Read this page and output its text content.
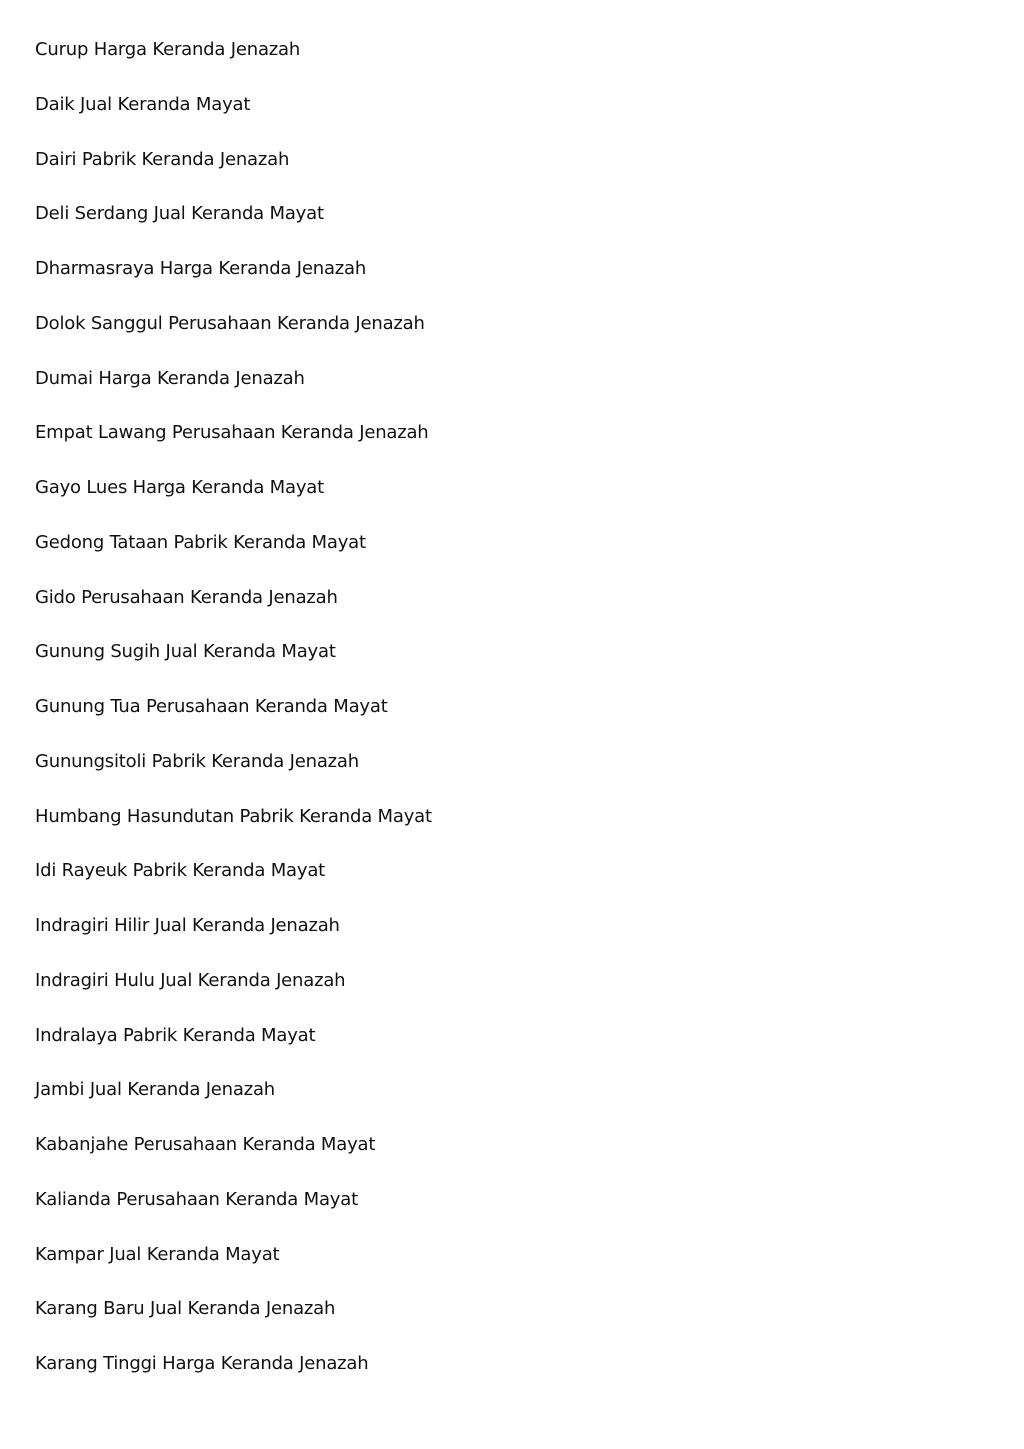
Curup Harga Keranda Jenazah
Daik Jual Keranda Mayat
Dairi Pabrik Keranda Jenazah
Deli Serdang Jual Keranda Mayat
Dharmasraya Harga Keranda Jenazah
Dolok Sanggul Perusahaan Keranda Jenazah
Dumai Harga Keranda Jenazah
Empat Lawang Perusahaan Keranda Jenazah
Gayo Lues Harga Keranda Mayat
Gedong Tataan Pabrik Keranda Mayat
Gido Perusahaan Keranda Jenazah
Gunung Sugih Jual Keranda Mayat
Gunung Tua Perusahaan Keranda Mayat
Gunungsitoli Pabrik Keranda Jenazah
Humbang Hasundutan Pabrik Keranda Mayat
Idi Rayeuk Pabrik Keranda Mayat
Indragiri Hilir Jual Keranda Jenazah
Indragiri Hulu Jual Keranda Jenazah
Indralaya Pabrik Keranda Mayat
Jambi Jual Keranda Jenazah
Kabanjahe Perusahaan Keranda Mayat
Kalianda Perusahaan Keranda Mayat
Kampar Jual Keranda Mayat
Karang Baru Jual Keranda Jenazah
Karang Tinggi Harga Keranda Jenazah
